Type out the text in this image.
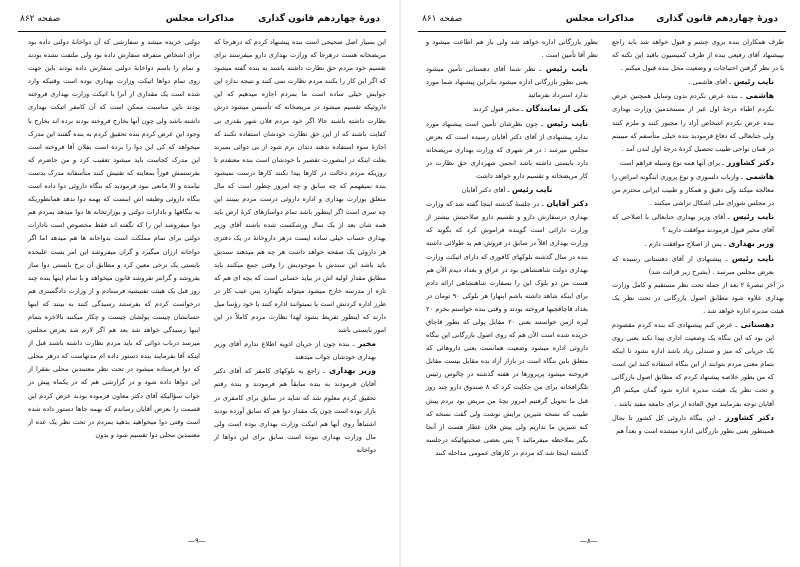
دورهٔ چهاردهم قانون گذاری
مذاکرات مجلس
صفحه ۸۶۲

این بسیار اصل صحیحی است بنده پیشنهاد کردم که درهرجا که مریضخانه هست درهرجا که وزارت بهداری دارو میفرستد برای تقسیم خود مردم حق نظارت داشته باشند به بنده گفته میشود که اگر این کار را بکنند مردم نظارت نمی کنند و نتیجه ندارد این جوابش خیلی ساده است ما بمردم اجازه میدهیم که این داروئیکه تقسیم میشود در مریضخانه که تأسیس میشود درش نظارت داشته باشند حالا اگر خود مردم فلان شهر بقدری بی کفایت باشند که از این حق نظارت خودشان استفاده نکنند که اجازهٔ سوء استفاده ندهند دندان نرم شود از بی دوائی بمیرند بعلت اینکه در اینصورت تقصیر با خودشان است بنده معتقدم تا روزیکه مردم دخالت در کارها پیدا نکنند کارها درست نمیشود بنده نمیفهمم که چه سابق و چه امروز چطور است که مال متعلق بوزارت بهداری و اداره داروئی درست مردم ببینند این چه سری است اگر اینطور باشد تمام دواسازهای کرهٔ ارض باید همه شان بعد از یک سال ورشکست شده باشند آقای وزیر بهداری حساب خیلی ساده ایست درهر داروخانهٔ در یک دفتری هر داروئی یک صفحه خواهد داشت هر چه هم میدهند سندش باید باشد این سندش با موجودیش را وقتی جمع میکنند باید مطابق مقدار اولیه اش در بیاید حسابی است که بچه ای هم که تازه از مدرسه خارج میشود میتواند نگهدارد پس عیب کار در طرز اداره کردنش است یا نمیتوانند اداره کنند یا خود رؤسا میل دارند که اینطور تفریط بشود لهذا نظارت مردم کاملاً در این امور بایستی باشد

مخبر ـ بنده چون از جریان ادویه اطلاع ندارم آقای وزیر بهداری خودشان جواب میدهند

وزیر بهداری ـ راجع به بلوکهای کامفر که آقای دکتر آفایان فرمودند به بنده سابقاً هم فرمودند و بنده رفتم تحقیق کردم معلوم شد که شاید در سابق برای کامفری در بازار بوده است چون یک مقدار دوا هم که سابق آورده بودند اشتباهاً روی آنها هم اتیکت وزارت بهداری بوده است ولی مال وزارت بهداری نبوده است سابق برای این دواها از دواخانه

دولتی خریده میشد و سفارشی که آن دواخانهٔ دولتی داده بود برای اشخاص متفرقه سفارش داده بود ولی ملتفت نشده بودند و تمام را باسم دواخانهٔ دولتی سفارش داده بودند باین جهت روی تمام دواها اتیکت وزارت بهداری بوده است وقتیکه وارد شده است یک مقداری از آنرا با اتیکت وزارت بهداری فروخته بودند باین مناسبت ممکن است که آن کامفر اتیکت بهداری داشته باشد ولی چون آنها بخارج فروخته بودند برده اند بخارج با وجود این عرض کردم بنده تحقیق کردم به بنده گفتند این مدرک میخواهد که کی این دوا را برده است بفلان آقا فروخته است این مدرک کجاست باید میشود تعقیب کرد و من حاضرم که بفرستمش فوراً بمعاینه که تفتیش کنند متأسفانه مدرک بدست نیامده و الا مانعی نبود فرمودید که بنگاه داروئی دوا داده است بنگاه داروئی وظیفه اش اینست که بهمه دوا بدهد همانطوریکه به بنگاهها و بادارات دولتی و بوزارتخانه ها دوا میدهد بمردم هم دوا میفروشد این را که نگفته اند فقط مخصوص است بادارات دولتی برای تمام مملکت است بدواخانه ها هم میدهد اما اگر دواخانه ارزان میگیرد و گران میفروشد این امر یست علیحده بایستی یک نرخی معین کرد و مطابق آن نرخ بایستی دوا ساز بفروشد و گرانتر نفروشد قانون میخواهد و با تمام اینها بنده چند روز قبل یک هیئت تفتیشیه فرستادم و از وزارت دادگستری هم درخواست کردم که بفرستند رسیدگی کنند به بینند که اینها حسابشان چیست پولشان چیست و چکار میکنند بالاخره بتمام اینها رسیدگی خواهد شد بعد هم اگر لازم شد بعرض مجلس میرسد درباب دوائی که باید مردم نظارت داشته باشند قبل از اینکه آقا بفرمایند بنده دستور داده ام مدتهاست که درهر محلی که دوا فرستاده میشود در تحت نظر معتمدین محلی بفقرا از این دواها داده شود و در گزارشی هم که در یکماه پیش در جواب سؤالیکه آقای دکتر معاون فرموده بودند عرض کردم این قسمت را بعرض آقایان رساندم که بهمه جاها دستور داده شده است وقتی دوا میخواهید بدهید بمردم در تحت نظر یک عده از معتمدین محلی دوا تقسیم شود و بدون

—۹—
دورهٔ چهاردهم قانون گذاری
مذاکرات مجلس
صفحه ۸۶۱

طرف همکاران بنده بروی چشم و قبول خواهد شد باید راجع بپیشنهاد آقای رفیعی بنده از طرف کمیسیون باقید این نکته که یا در نظر گرفتن احتیاجات و وضعیت محل بنده قبول میکنم .

نایب رئیس ـ آقای هاشمی .

هاشمی ـ بنده عرض نکردم بدون وسایل همچنین عرض نکردم اطباء درجهٔ اول غیر از مستخدمین وزارت بهداری بنده عرض نکردم اشخاص آزاد را مجبور کنند و ملزم کنند ولی جنابعالی که دفاع فرمودید بنده خیلی متأسفم که میبینم در همان نواحی طبیب تحصیل کردهٔ درجهٔ اول لندن آمد .

دکتر کشاورز ـ برای آنها همه نوع وسیله فراهم است

هاشمی ـ وازباب دلسوزی و نوع پروری اینگونه امراض را معالجه میکند ولی دقیق و همکار و طبیب ایرانی محترم من در مجلس شورای ملی اشکال تراشی میکنند .

نایب رئیس ـ آقای وزیر بهداری جنابعالی با اصلاحی که آقای مخبر قبول فرمودند موافقت دارید ؟

وزیر بهداری ـ پس از اصلاح موافقت دارم .

نایب رئیس ـ پیشنهادی از آقای دهستانی رسیده که بعرض مجلس میرسد . (بشرح زیر قرائت شد)

در آخر تبصرهٔ ۲ بعد از جمله تحت نظر مستقیم و کامل وزارت بهداری علاوه شود مطابق اصول بازرگانی در تحت نظر یک هیئت مدیره اداره خواهد شد .

دهستانی ـ عرض کنم پیشنهادی که بنده کردم مقصودم این بود که این بنگاه یک وضعیت اداری پیدا نکند یعنی روی یک جریانی که میز و صندلی زیاد باشد اداره نشود تا اینکه بتمام معنی مردم بتوانند از این بنگاه استفاده کنند این است که من بطور خلاصه پیشنهاد کردم که مطابق اصول بازرگانی و تحت نظر یک هیئت مدیره اداره شود گمان میکنم اگر آقایان توجه بفرمایند فوق العاده از برای جامعه مفید باشد .

دکتر کشاورز ـ این بنگاه داروئی کل کشور تا بحال همینطور یعنی بطور بازرگانی اداره میشده است و بعداً هم

بطور بازرگانی اداره خواهد شد ولی باز هم اطاعت میشود و نظر آقا تأمین است .

نایب رئیس ـ نظر شما آقای دهستانی تأمین میشود یعنی بطور بازرگانی اداره میشود بنابراین پیشنهاد شما مورد ندارد استرداد بفرمائید

یکی از نمایندگان ـ مخبر قبول کردند

نایب رئیس ـ چون نظرشان تأمین است پیشنهاد مورد ندارد پیشنهادی از آقای دکتر آفایان رسیده است که بعرض مجلس میرسد : در هر شهری که وزارت بهداری مریضخانه دارد بایستی داشته باشد انجمن شهرداری حق نظارت در کار مریضخانه و تقسیم دارو خواهد داشت

نایب رئیس ـ آقای دکتر آفایان

دکتر آفایان ـ در جلسهٔ گذشته اینجا گفته شد که وزارت بهداری درسفارش دارو و تقسیم دارو صلاحیتش بیشتر از وزارت دارائی است گوینده فراموش کرد که بگوید که وزارت بهداری اقلاً در سابق در فروش هم ید طولائی داشته بنده در سال گذشته بلوکهای کافوری که دارای اتیکت وزارت بهداری دولت شاهنشاهی بود در عراق و بغداد دیدم الآن هم هست من دو بلوک این را بسفارت شاهنشاهی ارائه دادم برای اینکه شاهد داشته باشم اینهارا هر بلوکی ۹۰ تومان در بغداد قاچاقچیها فروخته بودند و وقتی بنده خواستم بخرم ۲۰ لیره ازمن خواستند یعنی ۲۰ مقابل پولی که بطور قاچاق خریده شده است الآن هم که روی اصول بازرگانی این بنگاه داروئی اداره میشود وضعیت همانست یعنی داروهائی که متعلق باین بنگاه است در بازار آزاد بده مقابل بیست مقابل فروخته میشود پریروزها در هفته گذشته در چالوس رئیس تلگرافخانه برای من حکایت کرد که ۸ صندوق دارو چند روز قبل ما تحویل گرفتیم امروز بچهٔ من مریض بود بردم پیش طبیب که نسخه شیرین برایش نوشت ولی گفت نسخه که کنه شیرین ما نداریم ولی پیش فلان عطار هست از آنجا بگیر بملاحظه میفرمائید ؟ پس بعضی صحبتهائیکه درجلسه گذشته اینجا شد که مردم در کارهای عمومی مداخله کنند

—۸—
